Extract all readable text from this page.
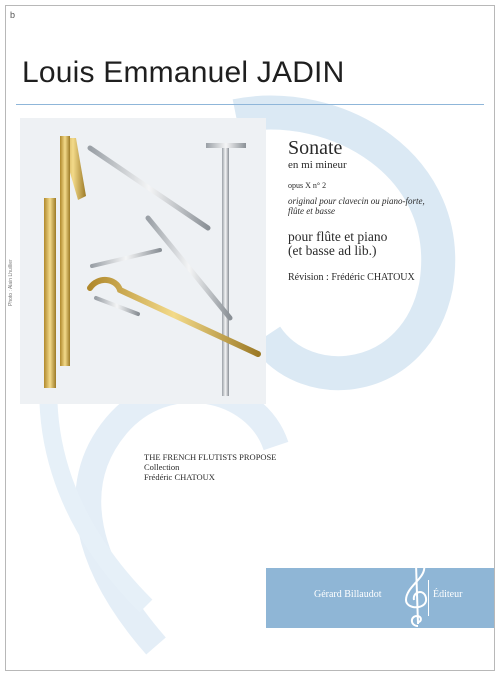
b
Louis Emmanuel JADIN
Photo : Alain Lhuillier
Sonate
en mi mineur
opus X n° 2
original pour clavecin ou piano-forte,
flûte et basse
pour flûte et piano
(et basse ad lib.)
Révision : Frédéric CHATOUX
THE FRENCH FLUTISTS PROPOSE
Collection
Frédéric CHATOUX
Gérard Billaudot	Éditeur
